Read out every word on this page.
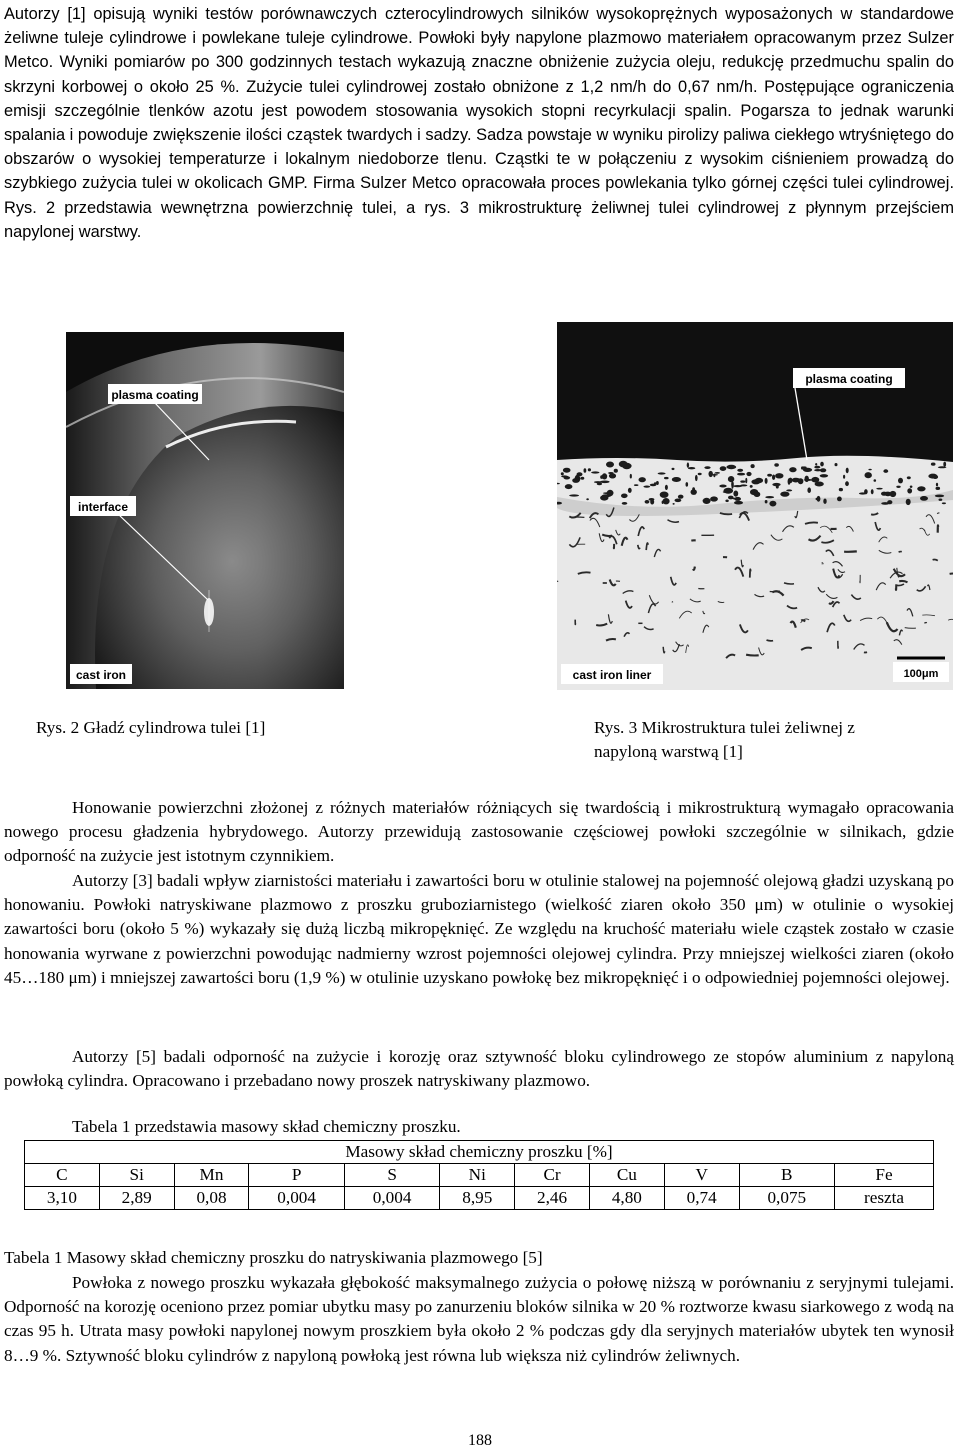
Autorzy [1] opisują wyniki testów porównawczych czterocylindrowych silników wysokoprężnych wyposażonych w standardowe żeliwne tuleje cylindrowe i powlekane tuleje cylindrowe. Powłoki były napylone plazmowo materiałem opracowanym przez Sulzer Metco. Wyniki pomiarów po 300 godzinnych testach wykazują znaczne obniżenie zużycia oleju, redukcję przedmuchu spalin do skrzyni korbowej o około 25 %. Zużycie tulei cylindrowej zostało obniżone z 1,2 nm/h do 0,67 nm/h. Postępujące ograniczenia emisji szczególnie tlenków azotu jest powodem stosowania wysokich stopni recyrkulacji spalin. Pogarsza to jednak warunki spalania i powoduje zwiększenie ilości cząstek twardych i sadzy. Sadza powstaje w wyniku pirolizy paliwa ciekłego wtryśniętego do obszarów o wysokiej temperaturze i lokalnym niedoborze tlenu. Cząstki te w połączeniu z wysokim ciśnieniem prowadzą do szybkiego zużycia tulei w okolicach GMP. Firma Sulzer Metco opracowała proces powlekania tylko górnej części tulei cylindrowej. Rys. 2 przedstawia wewnętrzna powierzchnię tulei, a rys. 3 mikrostrukturę żeliwnej tulei cylindrowej z płynnym przejściem napylonej warstwy.

plasma coating
interface
cast iron
plasma coating
cast iron liner	100μm

Rys. 2 Gładź cylindrowa tulei [1]	Rys. 3 Mikrostruktura tulei żeliwnej z

napyloną warstwą [1]

Honowanie powierzchni złożonej z różnych materiałów różniących się twardością i mikrostrukturą wymagało opracowania nowego procesu gładzenia hybrydowego. Autorzy przewidują zastosowanie częściowej powłoki szczególnie w silnikach, gdzie odporność na zużycie jest istotnym czynnikiem.

Autorzy [3] badali wpływ ziarnistości materiału i zawartości boru w otulinie stalowej na pojemność olejową gładzi uzyskaną po honowaniu. Powłoki natryskiwane plazmowo z proszku gruboziarnistego (wielkość ziaren około 350 μm) w otulinie o wysokiej zawartości boru (około 5 %) wykazały się dużą liczbą mikropęknięć. Ze względu na kruchość materiału wiele cząstek zostało w czasie honowania wyrwane z powierzchni powodując nadmierny wzrost pojemności olejowej cylindra. Przy mniejszej wielkości ziaren (około 45…180 μm) i mniejszej zawartości boru (1,9 %) w otulinie uzyskano powłokę bez mikropęknięć i o odpowiedniej pojemności olejowej.

Autorzy [5] badali odporność na zużycie i korozję oraz sztywność bloku cylindrowego ze stopów aluminium z napyloną powłoką cylindra. Opracowano i przebadano nowy proszek natryskiwany plazmowo.

Tabela 1 przedstawia masowy skład chemiczny proszku.

Masowy skład chemiczny proszku [%]										
C	Si	Mn	P	S	Ni	Cr	Cu	V	B	Fe
3,10	2,89	0,08	0,004	0,004	8,95	2,46	4,80	0,74	0,075	reszta

Tabela 1 Masowy skład chemiczny proszku do natryskiwania plazmowego [5]

Powłoka z nowego proszku wykazała głębokość maksymalnego zużycia o połowę niższą w porównaniu z seryjnymi tulejami. Odporność na korozję oceniono przez pomiar ubytku masy po zanurzeniu bloków silnika w 20 % roztworze kwasu siarkowego z wodą na czas 95 h. Utrata masy powłoki napylonej nowym proszkiem była około 2 % podczas gdy dla seryjnych materiałów ubytek ten wynosił 8…9 %. Sztywność bloku cylindrów z napyloną powłoką jest równa lub większa niż cylindrów żeliwnych.

188
